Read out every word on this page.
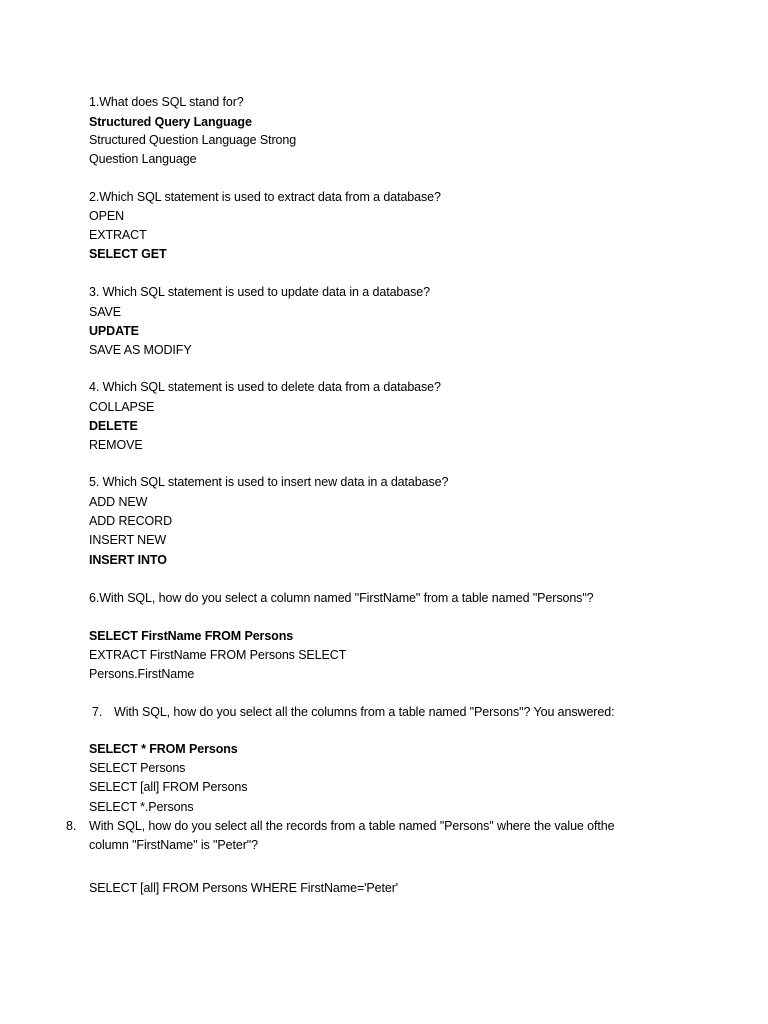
1.What does SQL stand for?
Structured Query Language
Structured Question Language Strong
Question Language
2.Which SQL statement is used to extract data from a database?
OPEN
EXTRACT
SELECT GET
3. Which SQL statement is used to update data in a database?
SAVE
UPDATE
SAVE AS MODIFY
4. Which SQL statement is used to delete data from a database?
COLLAPSE
DELETE
REMOVE
5. Which SQL statement is used to insert new data in a database?
ADD NEW
ADD RECORD
INSERT NEW
INSERT INTO
6.With SQL, how do you select a column named "FirstName" from a table named "Persons"?
SELECT FirstName FROM Persons
EXTRACT FirstName FROM Persons SELECT
Persons.FirstName
7. With SQL, how do you select all the columns from a table named "Persons"? You answered:
SELECT * FROM Persons
SELECT Persons
SELECT [all] FROM Persons
SELECT *.Persons
8. With SQL, how do you select all the records from a table named "Persons" where the value ofthe
column "FirstName" is "Peter"?
SELECT [all] FROM Persons WHERE FirstName='Peter'
